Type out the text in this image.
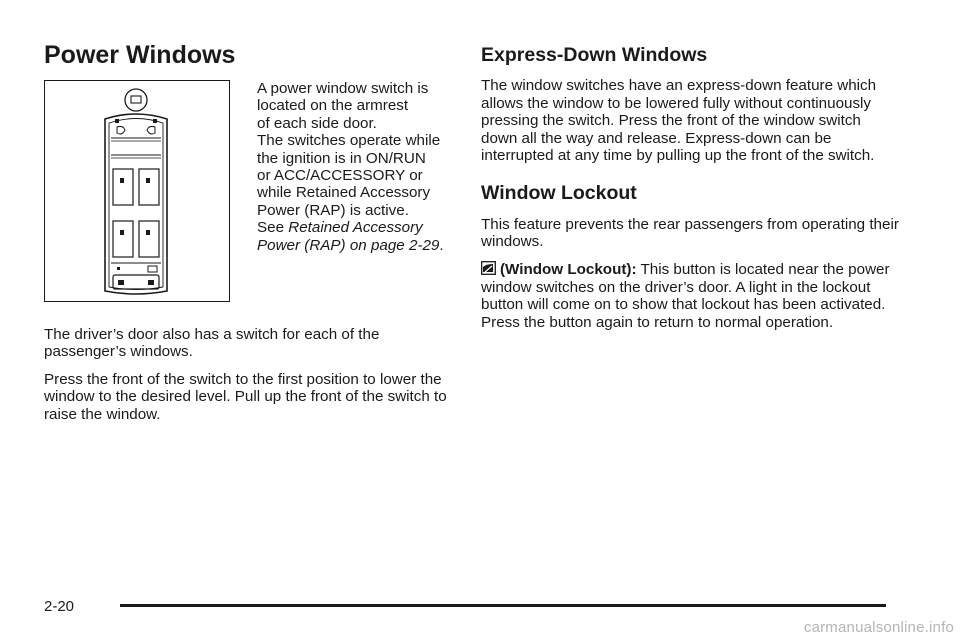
Power Windows
A power window switch is
located on the armrest
of each side door.
The switches operate while
the ignition is in ON/RUN
or ACC/ACCESSORY or
while Retained Accessory
Power (RAP) is active.
See Retained Accessory
Power (RAP) on page 2-29.

The driver’s door also has a switch for each of the passenger’s windows.

Press the front of the switch to the first position to lower the window to the desired level. Pull up the front of the switch to raise the window.

Express-Down Windows

The window switches have an express-down feature which allows the window to be lowered fully without continuously pressing the switch. Press the front of the window switch down all the way and release. Express-down can be interrupted at any time by pulling up the front of the switch.

Window Lockout

This feature prevents the rear passengers from operating their windows.

(Window Lockout): This button is located near the power window switches on the driver’s door. A light in the lockout button will come on to show that lockout has been activated. Press the button again to return to normal operation.

2-20
carmanualsonline.info
